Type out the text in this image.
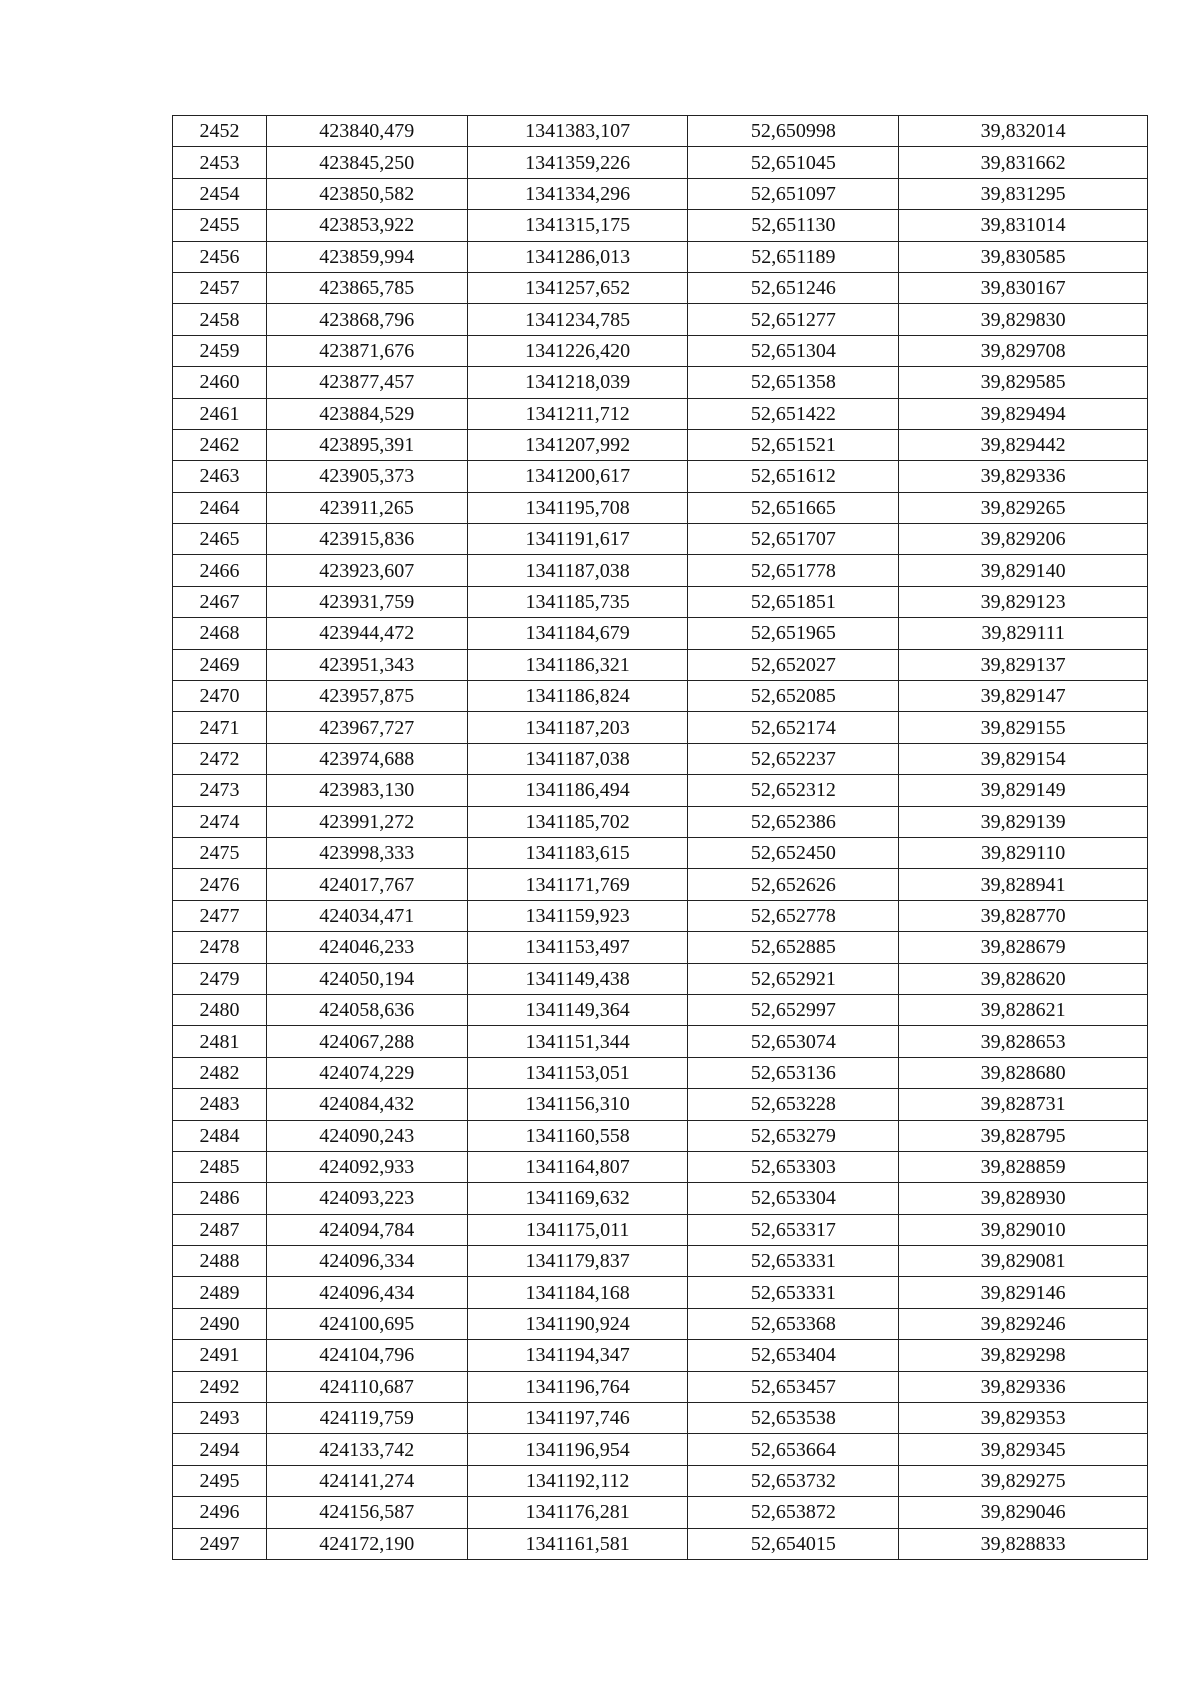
2452	423840,479	1341383,107	52,650998	39,832014
2453	423845,250	1341359,226	52,651045	39,831662
2454	423850,582	1341334,296	52,651097	39,831295
2455	423853,922	1341315,175	52,651130	39,831014
2456	423859,994	1341286,013	52,651189	39,830585
2457	423865,785	1341257,652	52,651246	39,830167
2458	423868,796	1341234,785	52,651277	39,829830
2459	423871,676	1341226,420	52,651304	39,829708
2460	423877,457	1341218,039	52,651358	39,829585
2461	423884,529	1341211,712	52,651422	39,829494
2462	423895,391	1341207,992	52,651521	39,829442
2463	423905,373	1341200,617	52,651612	39,829336
2464	423911,265	1341195,708	52,651665	39,829265
2465	423915,836	1341191,617	52,651707	39,829206
2466	423923,607	1341187,038	52,651778	39,829140
2467	423931,759	1341185,735	52,651851	39,829123
2468	423944,472	1341184,679	52,651965	39,829111
2469	423951,343	1341186,321	52,652027	39,829137
2470	423957,875	1341186,824	52,652085	39,829147
2471	423967,727	1341187,203	52,652174	39,829155
2472	423974,688	1341187,038	52,652237	39,829154
2473	423983,130	1341186,494	52,652312	39,829149
2474	423991,272	1341185,702	52,652386	39,829139
2475	423998,333	1341183,615	52,652450	39,829110
2476	424017,767	1341171,769	52,652626	39,828941
2477	424034,471	1341159,923	52,652778	39,828770
2478	424046,233	1341153,497	52,652885	39,828679
2479	424050,194	1341149,438	52,652921	39,828620
2480	424058,636	1341149,364	52,652997	39,828621
2481	424067,288	1341151,344	52,653074	39,828653
2482	424074,229	1341153,051	52,653136	39,828680
2483	424084,432	1341156,310	52,653228	39,828731
2484	424090,243	1341160,558	52,653279	39,828795
2485	424092,933	1341164,807	52,653303	39,828859
2486	424093,223	1341169,632	52,653304	39,828930
2487	424094,784	1341175,011	52,653317	39,829010
2488	424096,334	1341179,837	52,653331	39,829081
2489	424096,434	1341184,168	52,653331	39,829146
2490	424100,695	1341190,924	52,653368	39,829246
2491	424104,796	1341194,347	52,653404	39,829298
2492	424110,687	1341196,764	52,653457	39,829336
2493	424119,759	1341197,746	52,653538	39,829353
2494	424133,742	1341196,954	52,653664	39,829345
2495	424141,274	1341192,112	52,653732	39,829275
2496	424156,587	1341176,281	52,653872	39,829046
2497	424172,190	1341161,581	52,654015	39,828833
